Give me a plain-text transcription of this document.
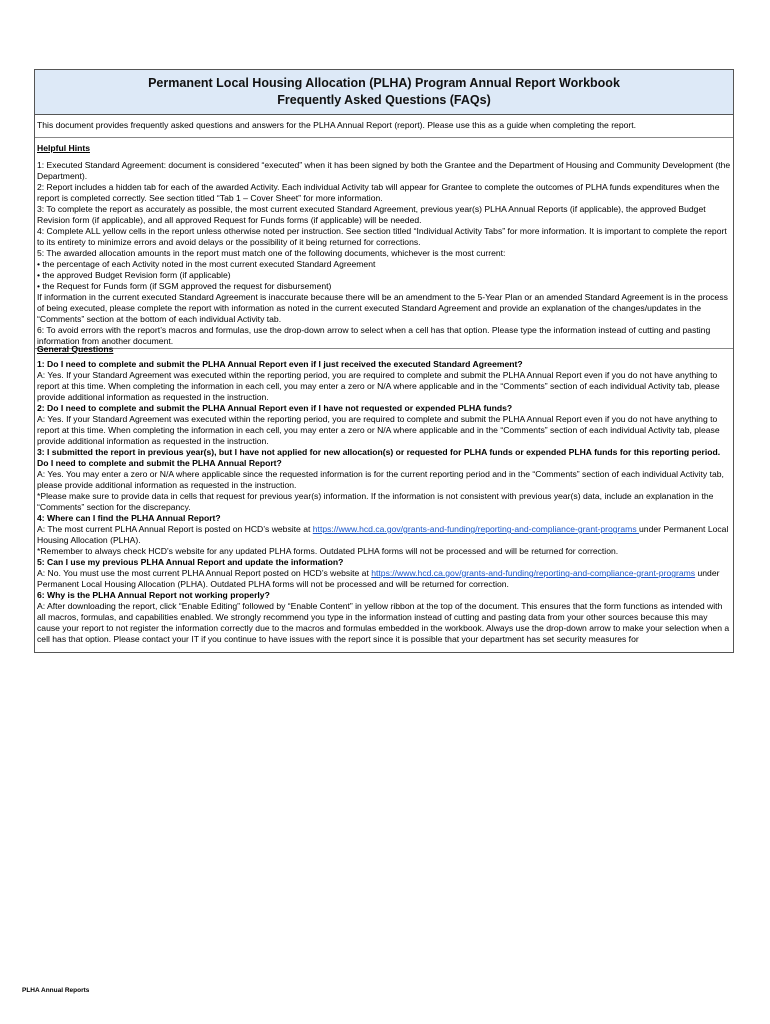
Permanent Local Housing Allocation (PLHA) Program Annual Report Workbook
Frequently Asked Questions (FAQs)
This document provides frequently asked questions and answers for the PLHA Annual Report (report). Please use this as a guide when completing the report.
Helpful Hints
1: Executed Standard Agreement: document is considered “executed” when it has been signed by both the Grantee and the Department of Housing and Community Development (the Department).
2: Report includes a hidden tab for each of the awarded Activity. Each individual Activity tab will appear for Grantee to complete the outcomes of PLHA funds expenditures when the report is completed correctly. See section titled “Tab 1 – Cover Sheet” for more information.
3: To complete the report as accurately as possible, the most current executed Standard Agreement, previous year(s) PLHA Annual Reports (if applicable), the approved Budget Revision form (if applicable), and all approved Request for Funds forms (if applicable) will be needed.
4: Complete ALL yellow cells in the report unless otherwise noted per instruction. See section titled “Individual Activity Tabs” for more information. It is important to complete the report to its entirety to minimize errors and avoid delays or the possibility of it being returned for corrections.
5: The awarded allocation amounts in the report must match one of the following documents, whichever is the most current:
• the percentage of each Activity noted in the most current executed Standard Agreement
• the approved Budget Revision form (if applicable)
• the Request for Funds form (if SGM approved the request for disbursement)
If information in the current executed Standard Agreement is inaccurate because there will be an amendment to the 5-Year Plan or an amended Standard Agreement is in the process of being executed, please complete the report with information as noted in the current executed Standard Agreement and provide an explanation of the changes/updates in the “Comments” section at the bottom of each individual Activity tab.
6: To avoid errors with the report’s macros and formulas, use the drop-down arrow to select when a cell has that option. Please type the information instead of cutting and pasting information from another document.
General Questions
1: Do I need to complete and submit the PLHA Annual Report even if I just received the executed Standard Agreement?
A: Yes. If your Standard Agreement was executed within the reporting period, you are required to complete and submit the PLHA Annual Report even if you do not have anything to report at this time. When completing the information in each cell, you may enter a zero or N/A where applicable and in the “Comments” section of each individual Activity tab, please provide additional information as requested in the instruction.
2: Do I need to complete and submit the PLHA Annual Report even if I have not requested or expended PLHA funds?
A: Yes. If your Standard Agreement was executed within the reporting period, you are required to complete and submit the PLHA Annual Report even if you do not have anything to report at this time. When completing the information in each cell, you may enter a zero or N/A where applicable and in the “Comments” section of each individual Activity tab, please provide additional information as requested in the instruction.
3: I submitted the report in previous year(s), but I have not applied for new allocation(s) or requested for PLHA funds or expended PLHA funds for this reporting period.
Do I need to complete and submit the PLHA Annual Report?
A: Yes. You may enter a zero or N/A where applicable since the requested information is for the current reporting period and in the “Comments” section of each individual Activity tab, please provide additional information as requested in the instruction.
*Please make sure to provide data in cells that request for previous year(s) information. If the information is not consistent with previous year(s) data, include an explanation in the “Comments” section for the discrepancy.
4: Where can I find the PLHA Annual Report?
A: The most current PLHA Annual Report is posted on HCD’s website at https://www.hcd.ca.gov/grants-and-funding/reporting-and-compliance-grant-programs under Permanent Local Housing Allocation (PLHA).
*Remember to always check HCD’s website for any updated PLHA forms. Outdated PLHA forms will not be processed and will be returned for correction.
5: Can I use my previous PLHA Annual Report and update the information?
A: No. You must use the most current PLHA Annual Report posted on HCD’s website at https://www.hcd.ca.gov/grants-and-funding/reporting-and-compliance-grant-programs under Permanent Local Housing Allocation (PLHA). Outdated PLHA forms will not be processed and will be returned for correction.
6: Why is the PLHA Annual Report not working properly?
A: After downloading the report, click “Enable Editing” followed by “Enable Content” in yellow ribbon at the top of the document. This ensures that the form functions as intended with all macros, formulas, and capabilities enabled. We strongly recommend you type in the information instead of cutting and pasting data from your other sources because this may cause your report to not register the information correctly due to the macros and formulas embedded in the workbook. Always use the drop-down arrow to make your selection when a cell has that option. Please contact your IT if you continue to have issues with the report since it is possible that your department has set security measures for
PLHA Annual Reports
